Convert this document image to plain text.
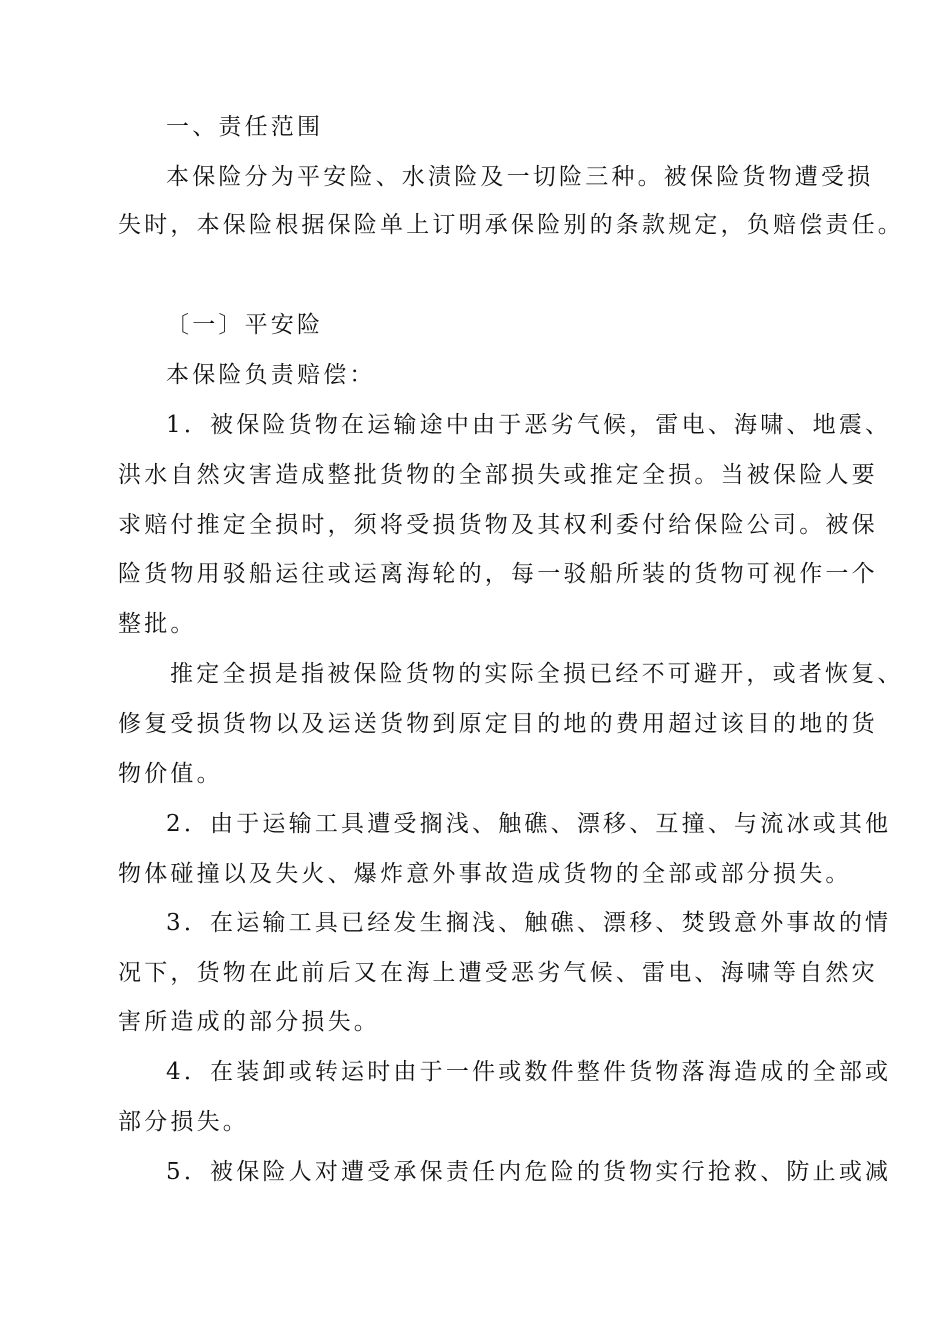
一、责任范围
本保险分为平安险、水渍险及一切险三种。被保险货物遭受损
失时，本保险根据保险单上订明承保险别的条款规定，负赔偿责任。
〔一〕平安险
本保险负责赔偿：
1．被保险货物在运输途中由于恶劣气候，雷电、海啸、地震、
洪水自然灾害造成整批货物的全部损失或推定全损。当被保险人要
求赔付推定全损时，须将受损货物及其权利委付给保险公司。被保
险货物用驳船运往或运离海轮的，每一驳船所装的货物可视作一个
整批。
推定全损是指被保险货物的实际全损已经不可避开，或者恢复、
修复受损货物以及运送货物到原定目的地的费用超过该目的地的货
物价值。
2．由于运输工具遭受搁浅、触礁、漂移、互撞、与流冰或其他
物体碰撞以及失火、爆炸意外事故造成货物的全部或部分损失。
3．在运输工具已经发生搁浅、触礁、漂移、焚毁意外事故的情
况下，货物在此前后又在海上遭受恶劣气候、雷电、海啸等自然灾
害所造成的部分损失。
4．在装卸或转运时由于一件或数件整件货物落海造成的全部或
部分损失。
5．被保险人对遭受承保责任内危险的货物实行抢救、防止或减
